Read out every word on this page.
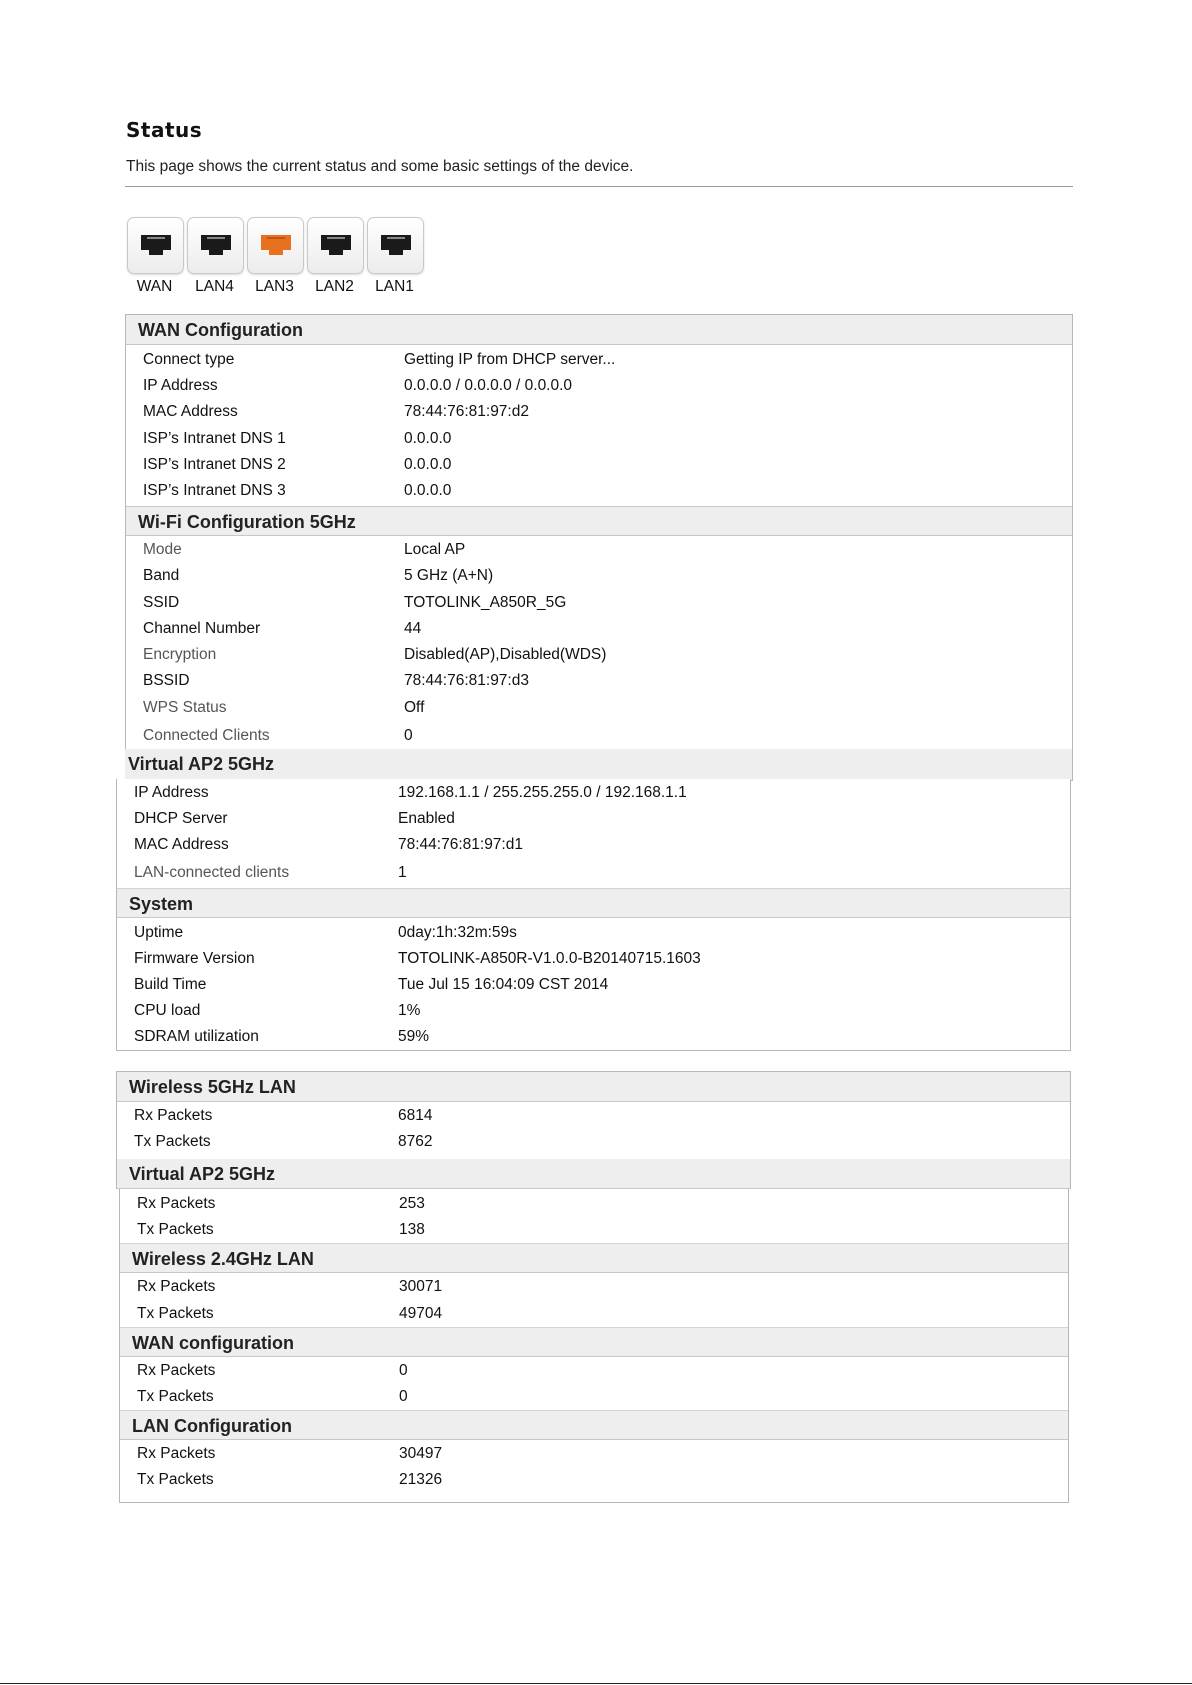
Status
This page shows the current status and some basic settings of the device.
WAN	LAN4	LAN3	LAN2	LAN1
WAN Configuration
Connect type	Getting IP from DHCP server...
IP Address	0.0.0.0 / 0.0.0.0 / 0.0.0.0
MAC Address	78:44:76:81:97:d2
ISP’s Intranet DNS 1	0.0.0.0
ISP’s Intranet DNS 2	0.0.0.0
ISP’s Intranet DNS 3	0.0.0.0
Wi-Fi Configuration 5GHz
Mode	Local AP
Band	5 GHz (A+N)
SSID	TOTOLINK_A850R_5G
Channel Number	44
Encryption	Disabled(AP),Disabled(WDS)
BSSID	78:44:76:81:97:d3
WPS Status	Off
Connected Clients	0
Virtual AP2 5GHz
IP Address	192.168.1.1 / 255.255.255.0 / 192.168.1.1
DHCP Server	Enabled
MAC Address	78:44:76:81:97:d1
LAN-connected clients	1
System
Uptime	0day:1h:32m:59s
Firmware Version	TOTOLINK-A850R-V1.0.0-B20140715.1603
Build Time	Tue Jul 15 16:04:09 CST 2014
CPU load	1%
SDRAM utilization	59%
Wireless 5GHz LAN
Rx Packets	6814
Tx Packets	8762
Virtual AP2 5GHz
Rx Packets	253
Tx Packets	138
Wireless 2.4GHz LAN
Rx Packets	30071
Tx Packets	49704
WAN configuration
Rx Packets	0
Tx Packets	0
LAN Configuration
Rx Packets	30497
Tx Packets	21326
